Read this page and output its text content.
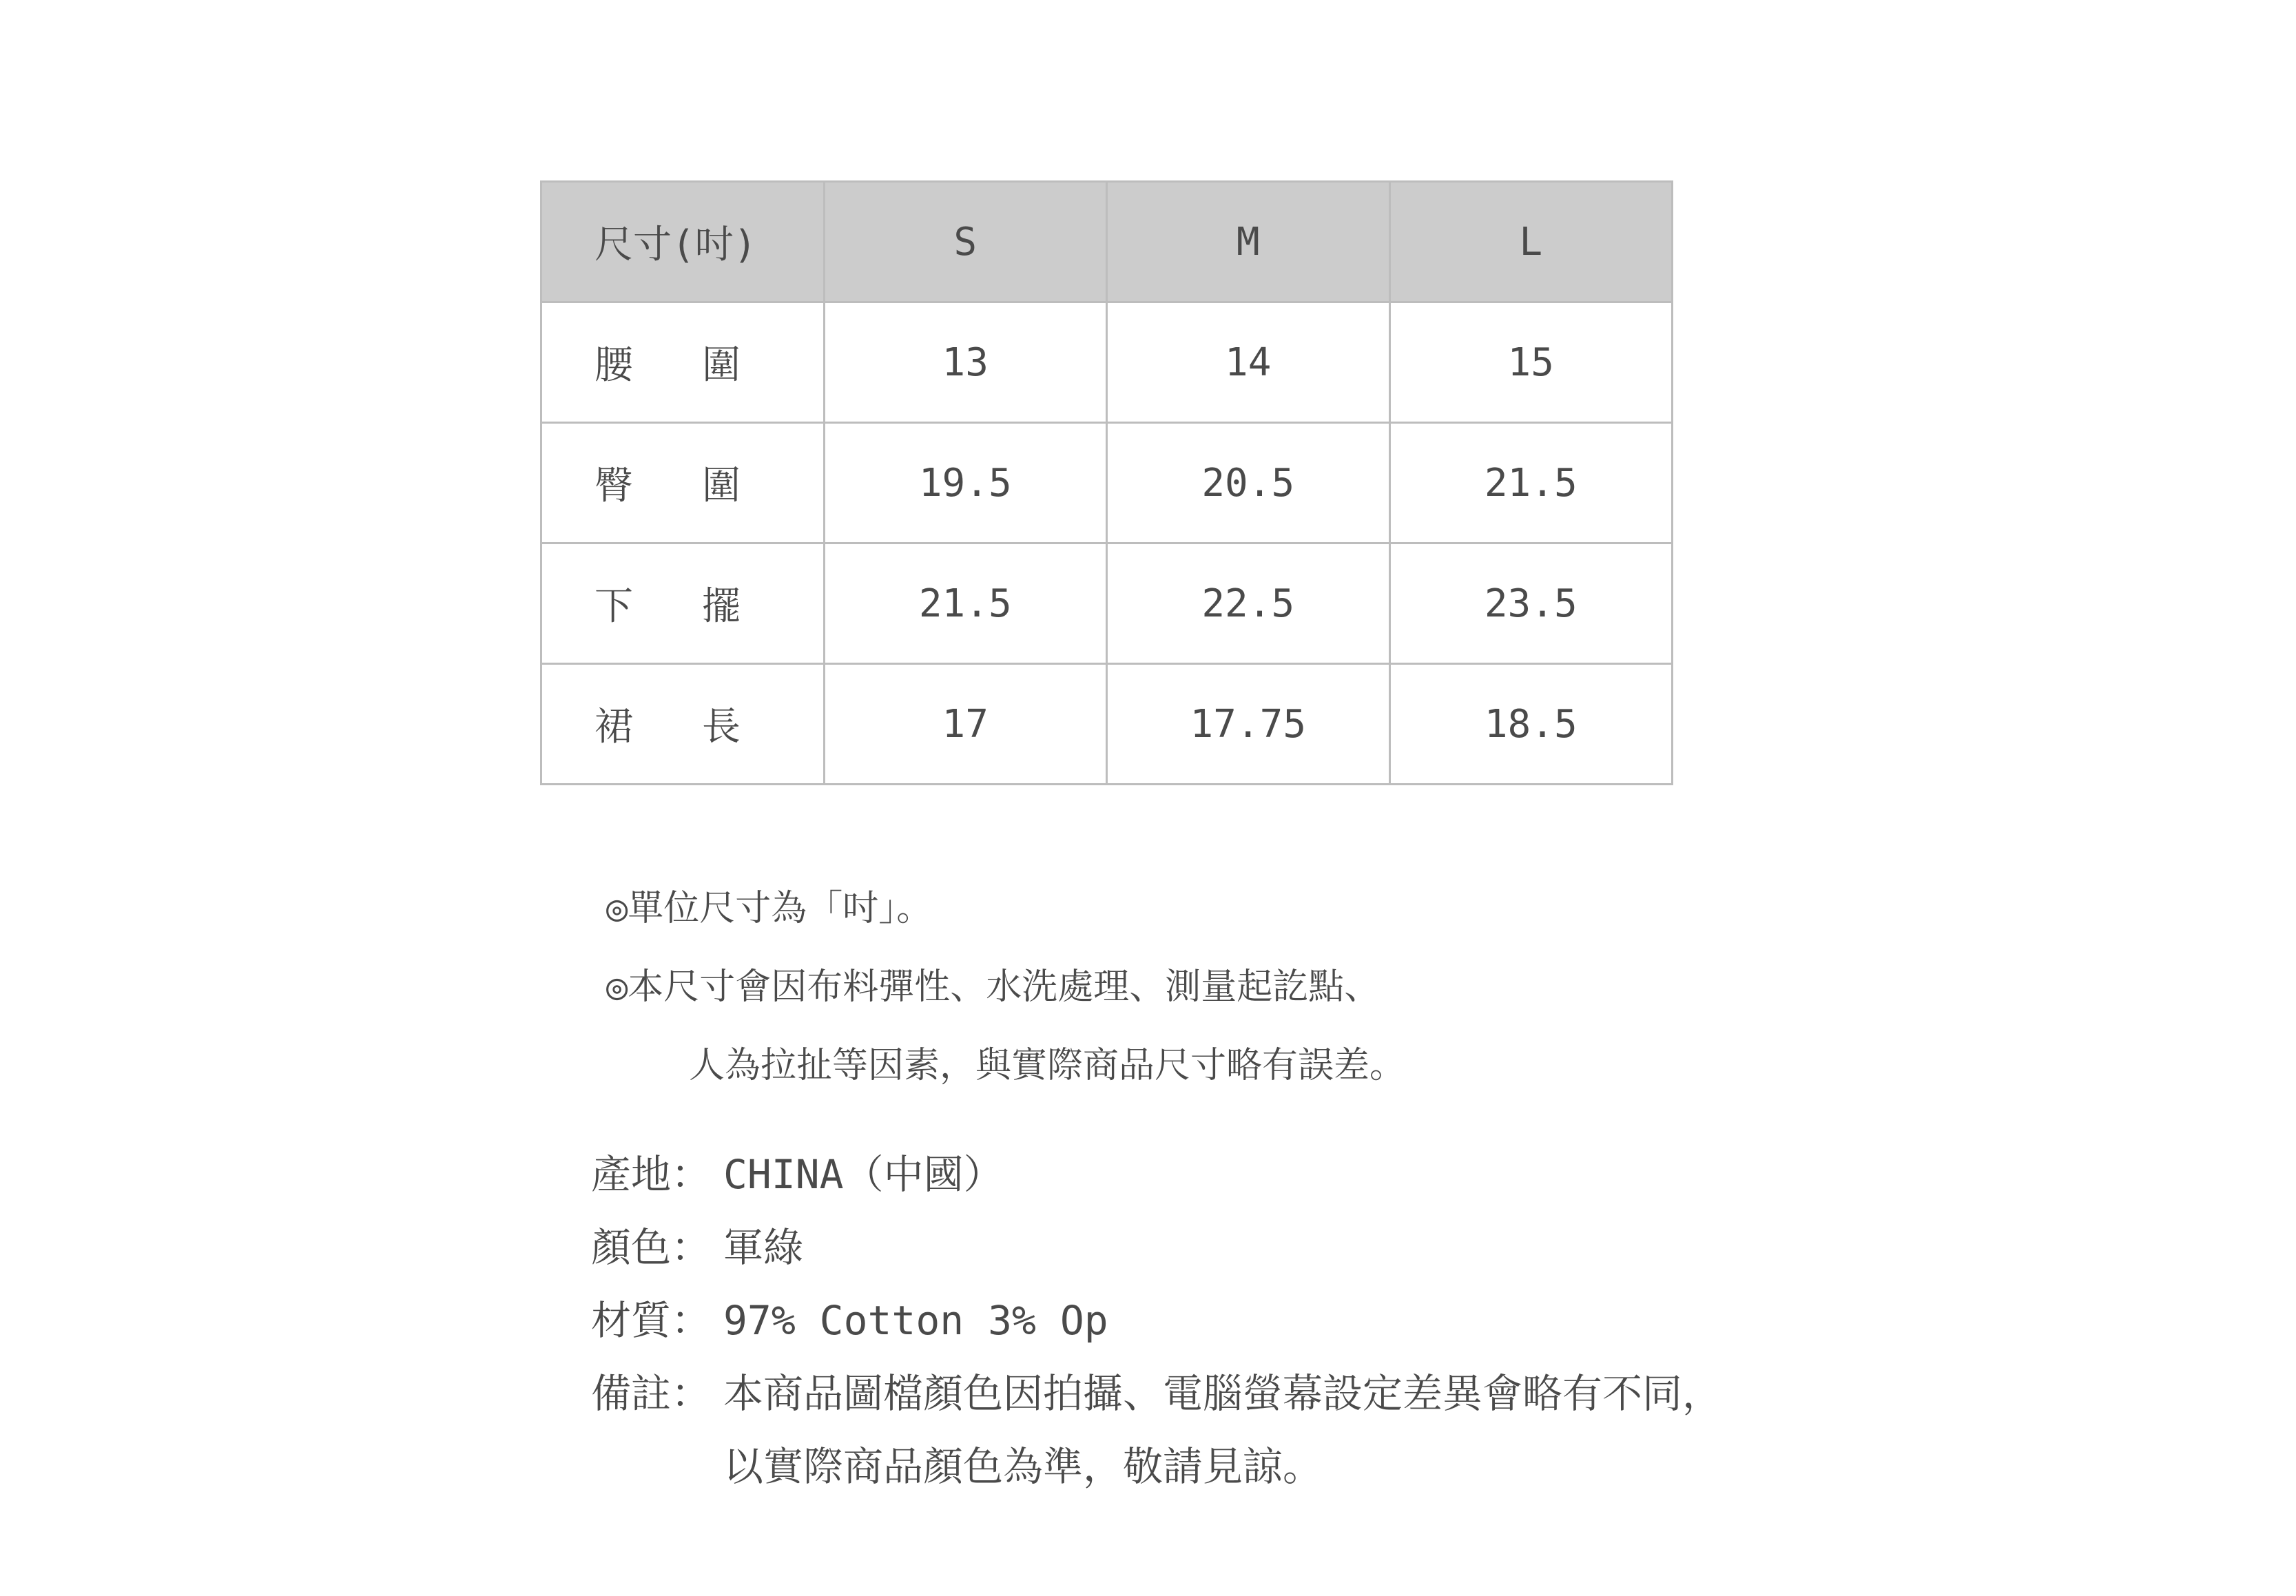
尺寸(吋)	S	M	L
腰 圍	13	14	15
臀 圍	19.5	20.5	21.5
下 擺	21.5	22.5	23.5
裙 長	17	17.75	18.5
◎單位尺寸為「吋」。
◎本尺寸會因布料彈性、水洗處理、測量起訖點、
人為拉扯等因素，與實際商品尺寸略有誤差。
產地： CHINA（中國）
顏色： 軍綠
材質： 97% Cotton 3% Op
備註： 本商品圖檔顏色因拍攝、電腦螢幕設定差異會略有不同，
以實際商品顏色為準，敬請見諒。
